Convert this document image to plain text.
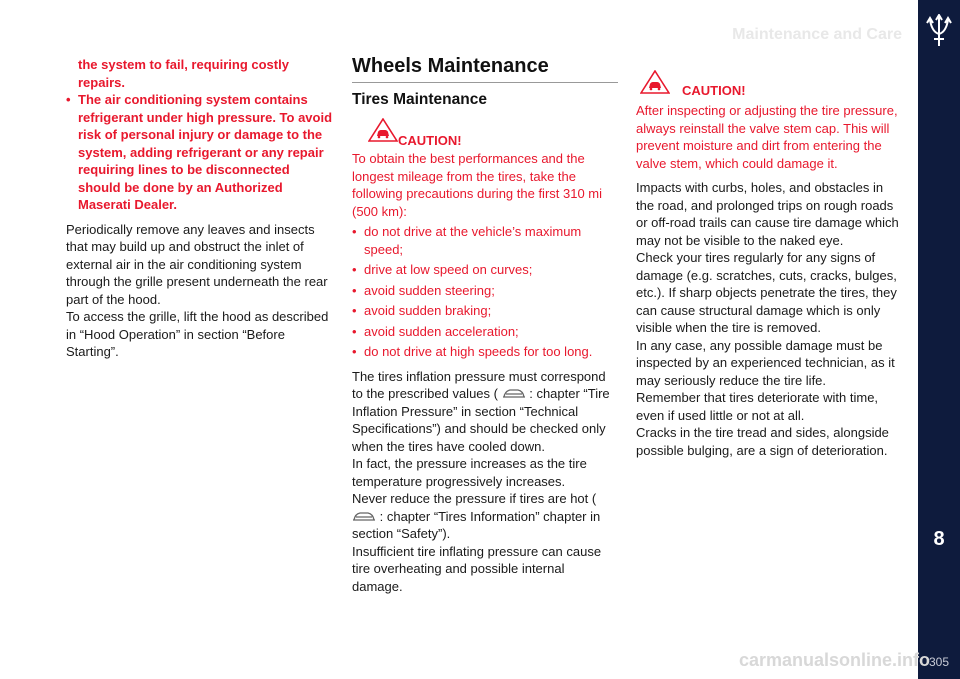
8
305
Maintenance and Care
the system to fail, requiring costly repairs.
• The air conditioning system contains refrigerant under high pressure. To avoid risk of personal injury or damage to the system, adding refrigerant or any repair requiring lines to be disconnected should be done by an Authorized Maserati Dealer.

Periodically remove any leaves and insects that may build up and obstruct the inlet of external air in the air conditioning system through the grille present underneath the rear part of the hood.

To access the grille, lift the hood as described in “Hood Operation” in section “Before Starting”.

Wheels Maintenance
Tires Maintenance
CAUTION!

To obtain the best performances and the longest mileage from the tires, take the following precautions during the first 310 mi (500 km):

• do not drive at the vehicle’s maximum speed;
• drive at low speed on curves;
• avoid sudden steering;
• avoid sudden braking;
• avoid sudden acceleration;
• do not drive at high speeds for too long.

The tires inflation pressure must correspond to the prescribed values ( : chapter “Tire Inflation Pressure” in section “Technical Specifications”) and should be checked only when the tires have cooled down.

In fact, the pressure increases as the tire temperature progressively increases.

Never reduce the pressure if tires are hot (  : chapter “Tires Information” chapter in section “Safety”).

Insufficient tire inflating pressure can cause tire overheating and possible internal damage.

CAUTION!

After inspecting or adjusting the tire pressure, always reinstall the valve stem cap. This will prevent moisture and dirt from entering the valve stem, which could damage it.

Impacts with curbs, holes, and obstacles in the road, and prolonged trips on rough roads or off-road trails can cause tire damage which may not be visible to the naked eye.

Check your tires regularly for any signs of damage (e.g. scratches, cuts, cracks, bulges, etc.). If sharp objects penetrate the tires, they can cause structural damage which is only visible when the tire is removed.

In any case, any possible damage must be inspected by an experienced technician, as it may seriously reduce the tire life.

Remember that tires deteriorate with time, even if used little or not at all.

Cracks in the tire tread and sides, alongside possible bulging, are a sign of deterioration.

carmanualsonline.info
